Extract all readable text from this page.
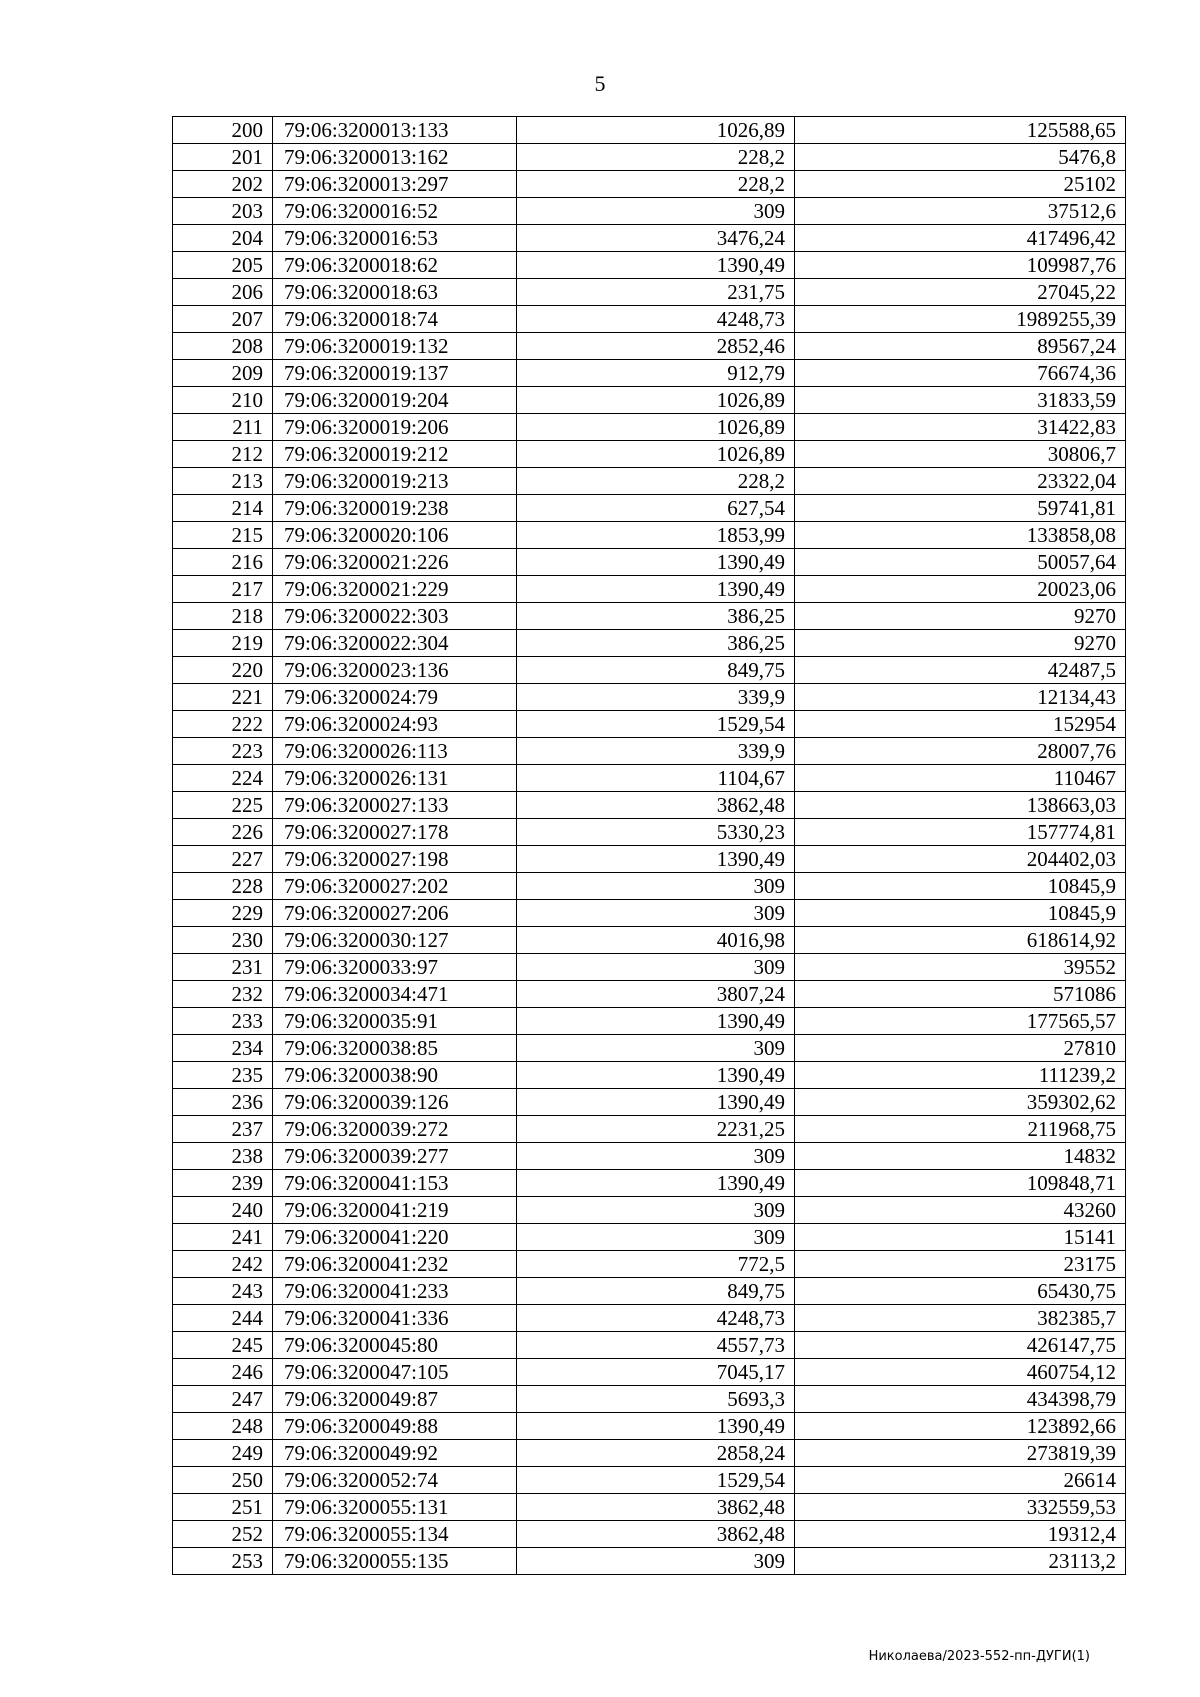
5
200	79:06:3200013:133	1026,89	125588,65
201	79:06:3200013:162	228,2	5476,8
202	79:06:3200013:297	228,2	25102
203	79:06:3200016:52	309	37512,6
204	79:06:3200016:53	3476,24	417496,42
205	79:06:3200018:62	1390,49	109987,76
206	79:06:3200018:63	231,75	27045,22
207	79:06:3200018:74	4248,73	1989255,39
208	79:06:3200019:132	2852,46	89567,24
209	79:06:3200019:137	912,79	76674,36
210	79:06:3200019:204	1026,89	31833,59
211	79:06:3200019:206	1026,89	31422,83
212	79:06:3200019:212	1026,89	30806,7
213	79:06:3200019:213	228,2	23322,04
214	79:06:3200019:238	627,54	59741,81
215	79:06:3200020:106	1853,99	133858,08
216	79:06:3200021:226	1390,49	50057,64
217	79:06:3200021:229	1390,49	20023,06
218	79:06:3200022:303	386,25	9270
219	79:06:3200022:304	386,25	9270
220	79:06:3200023:136	849,75	42487,5
221	79:06:3200024:79	339,9	12134,43
222	79:06:3200024:93	1529,54	152954
223	79:06:3200026:113	339,9	28007,76
224	79:06:3200026:131	1104,67	110467
225	79:06:3200027:133	3862,48	138663,03
226	79:06:3200027:178	5330,23	157774,81
227	79:06:3200027:198	1390,49	204402,03
228	79:06:3200027:202	309	10845,9
229	79:06:3200027:206	309	10845,9
230	79:06:3200030:127	4016,98	618614,92
231	79:06:3200033:97	309	39552
232	79:06:3200034:471	3807,24	571086
233	79:06:3200035:91	1390,49	177565,57
234	79:06:3200038:85	309	27810
235	79:06:3200038:90	1390,49	111239,2
236	79:06:3200039:126	1390,49	359302,62
237	79:06:3200039:272	2231,25	211968,75
238	79:06:3200039:277	309	14832
239	79:06:3200041:153	1390,49	109848,71
240	79:06:3200041:219	309	43260
241	79:06:3200041:220	309	15141
242	79:06:3200041:232	772,5	23175
243	79:06:3200041:233	849,75	65430,75
244	79:06:3200041:336	4248,73	382385,7
245	79:06:3200045:80	4557,73	426147,75
246	79:06:3200047:105	7045,17	460754,12
247	79:06:3200049:87	5693,3	434398,79
248	79:06:3200049:88	1390,49	123892,66
249	79:06:3200049:92	2858,24	273819,39
250	79:06:3200052:74	1529,54	26614
251	79:06:3200055:131	3862,48	332559,53
252	79:06:3200055:134	3862,48	19312,4
253	79:06:3200055:135	309	23113,2
Николаева/2023-552-пп-ДУГИ(1)
